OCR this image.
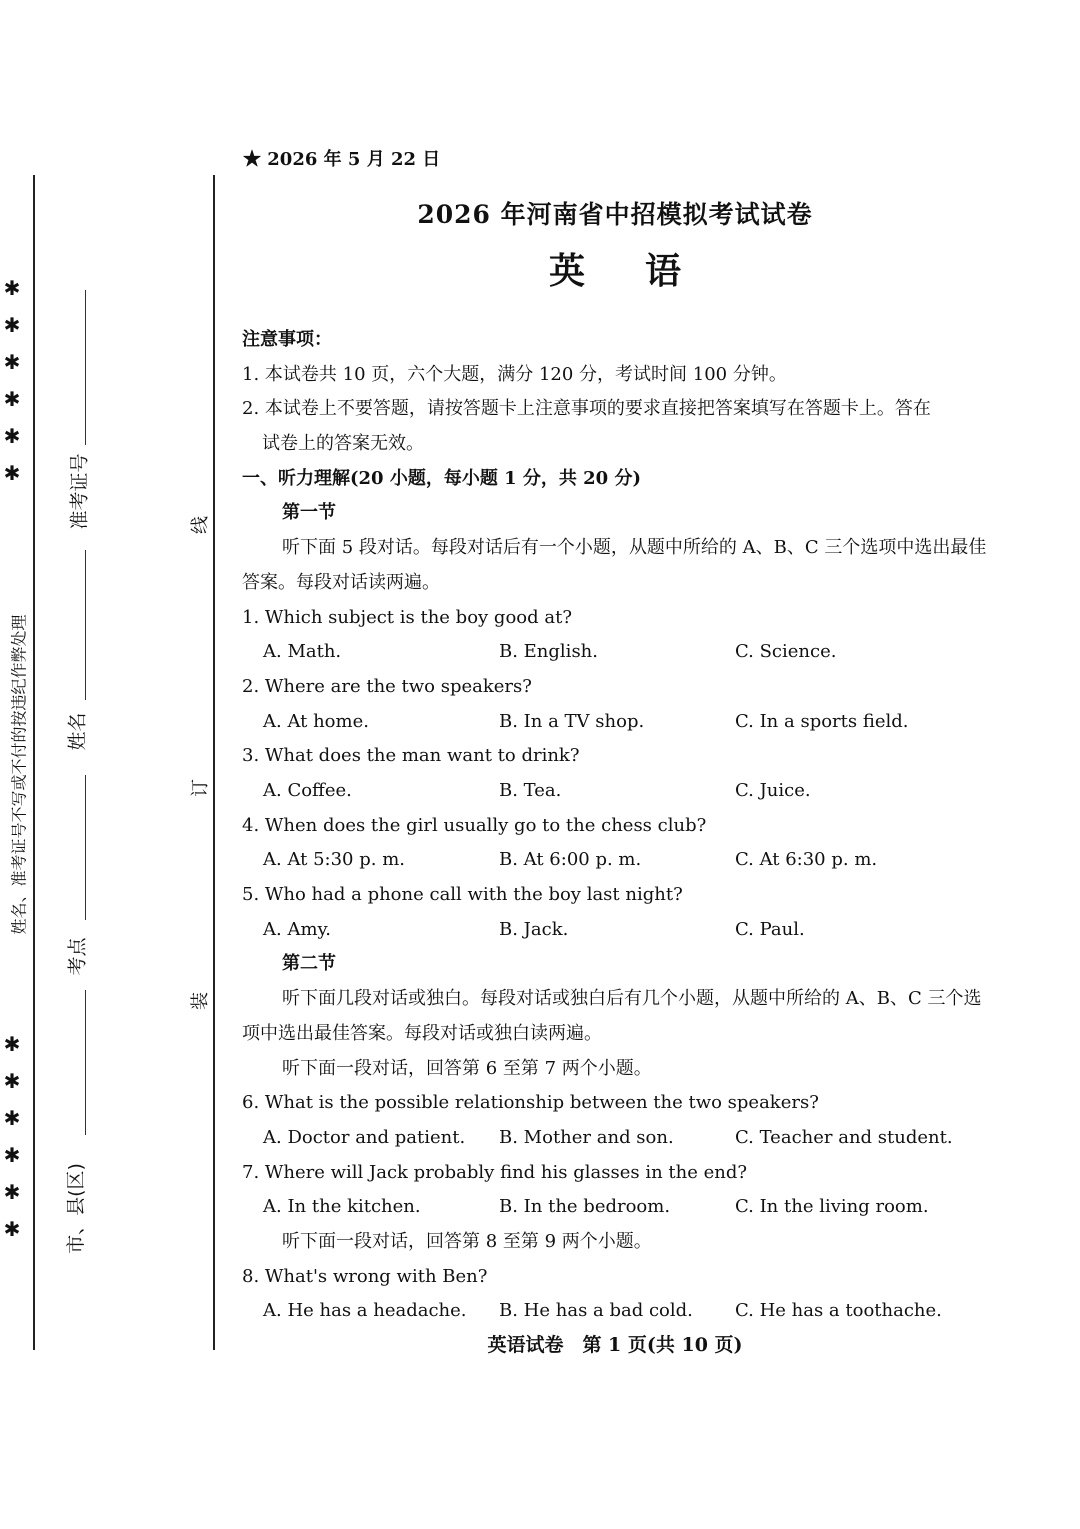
✱
✱
✱
✱
✱
✱
✱
✱
✱
✱
✱
✱
姓名、准考证号不写或不付的按违纪作弊处理
准考证号
姓名
考点
市、县(区)
线
订
装
★ 2026 年 5 月 22 日
2026 年河南省中招模拟考试试卷
英语
注意事项：
1. 本试卷共 10 页，六个大题，满分 120 分，考试时间 100 分钟。
2. 本试卷上不要答题，请按答题卡上注意事项的要求直接把答案填写在答题卡上。答在
试卷上的答案无效。
一、听力理解(20 小题，每小题 1 分，共 20 分)
第一节
听下面 5 段对话。每段对话后有一个小题，从题中所给的 A、B、C 三个选项中选出最佳答案。每段对话读两遍。
1. Which subject is the boy good at?
A. Math.	B. English.	C. Science.
2. Where are the two speakers?
A. At home.	B. In a TV shop.	C. In a sports field.
3. What does the man want to drink?
A. Coffee.	B. Tea.	C. Juice.
4. When does the girl usually go to the chess club?
A. At 5:30 p. m.	B. At 6:00 p. m.	C. At 6:30 p. m.
5. Who had a phone call with the boy last night?
A. Amy.	B. Jack.	C. Paul.
第二节
听下面几段对话或独白。每段对话或独白后有几个小题，从题中所给的 A、B、C 三个选项中选出最佳答案。每段对话或独白读两遍。
听下面一段对话，回答第 6 至第 7 两个小题。
6. What is the possible relationship between the two speakers?
A. Doctor and patient.	B. Mother and son.	C. Teacher and student.
7. Where will Jack probably find his glasses in the end?
A. In the kitchen.	B. In the bedroom.	C. In the living room.
听下面一段对话，回答第 8 至第 9 两个小题。
8. What's wrong with Ben?
A. He has a headache.	B. He has a bad cold.	C. He has a toothache.
英语试卷　第 1 页(共 10 页)
